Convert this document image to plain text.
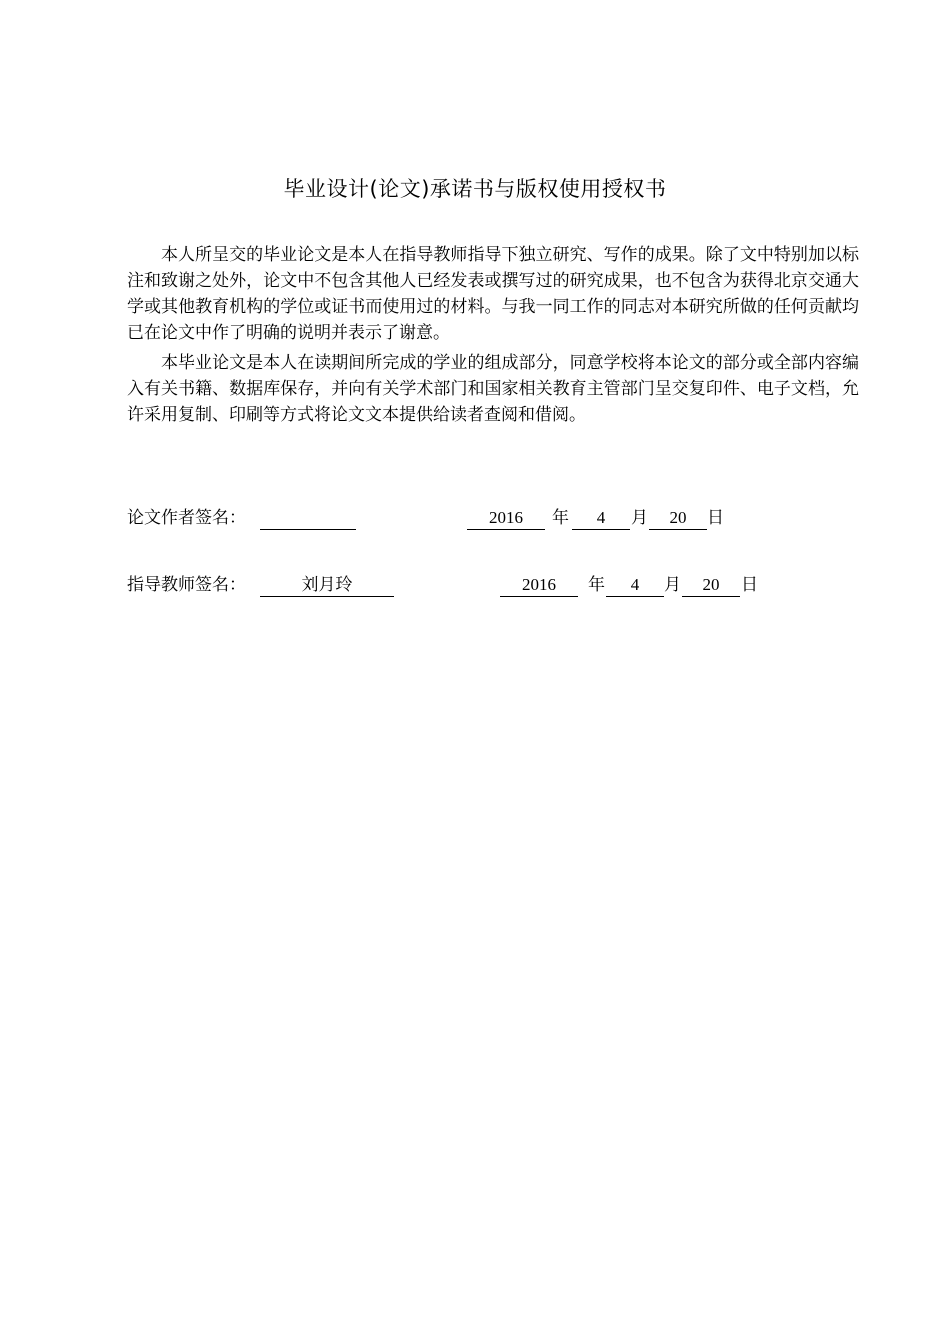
毕业设计(论文)承诺书与版权使用授权书

本人所呈交的毕业论文是本人在指导教师指导下独立研究、写作的成果。除了文中特别加以标注和致谢之处外，论文中不包含其他人已经发表或撰写过的研究成果，也不包含为获得北京交通大学或其他教育机构的学位或证书而使用过的材料。与我一同工作的同志对本研究所做的任何贡献均已在论文中作了明确的说明并表示了谢意。

本毕业论文是本人在读期间所完成的学业的组成部分，同意学校将本论文的部分或全部内容编入有关书籍、数据库保存，并向有关学术部门和国家相关教育主管部门呈交复印件、电子文档，允许采用复制、印刷等方式将论文文本提供给读者查阅和借阅。

论文作者签名：	2016	年	4	月	20	日
指导教师签名：	刘月玲	2016	年	4	月	20	日
